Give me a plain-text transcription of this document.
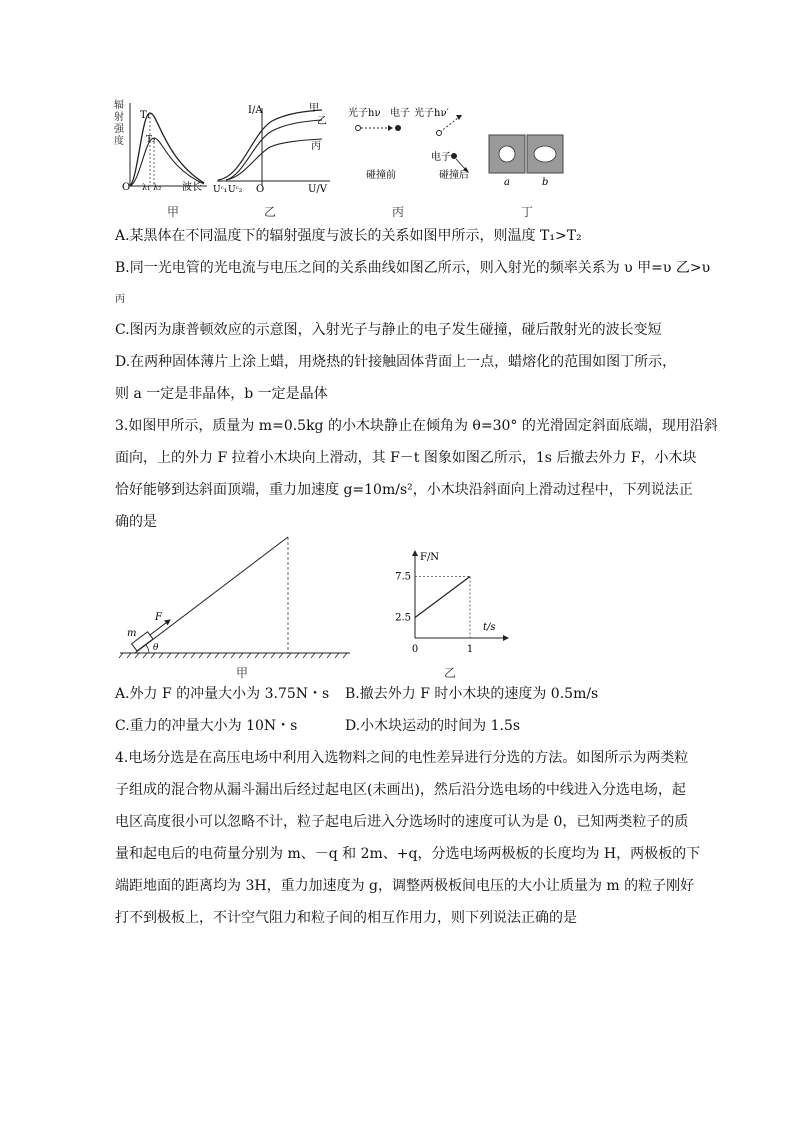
T₁
T₂
O λ₁ λ₂ 波长
辐
射
强
度
I/A	甲
乙
丙
Uᶜ₁ Uᶜ₂ O	U/V
光子hν 电子 光子hν′
电子
碰撞前	碰撞后
a	b
甲	乙	丙	丁
A.某黑体在不同温度下的辐射强度与波长的关系如图甲所示，则温度 T₁>T₂
B.同一光电管的光电流与电压之间的关系曲线如图乙所示，则入射光的频率关系为 υ 甲=υ 乙>υ
丙
C.图丙为康普顿效应的示意图，入射光子与静止的电子发生碰撞，碰后散射光的波长变短
D.在两种固体薄片上涂上蜡，用烧热的针接触固体背面上一点，蜡熔化的范围如图丁所示，
则 a 一定是非晶体，b 一定是晶体
3.如图甲所示，质量为 m=0.5kg 的小木块静止在倾角为 θ=30° 的光滑固定斜面底端，现用沿斜
面向，上的外力 F 拉着小木块向上滑动，其 F－t 图象如图乙所示，1s 后撤去外力 F，小木块
恰好能够到达斜面顶端，重力加速度 g=10m/s²，小木块沿斜面向上滑动过程中，下列说法正
确的是
m
F
θ
甲
F/N
t/s
2.5
7.5
0	1
乙
A.外力 F 的冲量大小为 3.75N・s B.撤去外力 F 时小木块的速度为 0.5m/s
C.重力的冲量大小为 10N・s	D.小木块运动的时间为 1.5s
4.电场分选是在高压电场中利用入选物料之间的电性差异进行分选的方法。如图所示为两类粒
子组成的混合物从漏斗漏出后经过起电区(未画出)，然后沿分选电场的中线进入分选电场，起
电区高度很小可以忽略不计，粒子起电后进入分选场时的速度可认为是 0，已知两类粒子的质
量和起电后的电荷量分别为 m、－q 和 2m、+q，分选电场两极板的长度均为 H，两极板的下
端距地面的距离均为 3H，重力加速度为 g，调整两极板间电压的大小让质量为 m 的粒子刚好
打不到极板上，不计空气阻力和粒子间的相互作用力，则下列说法正确的是
